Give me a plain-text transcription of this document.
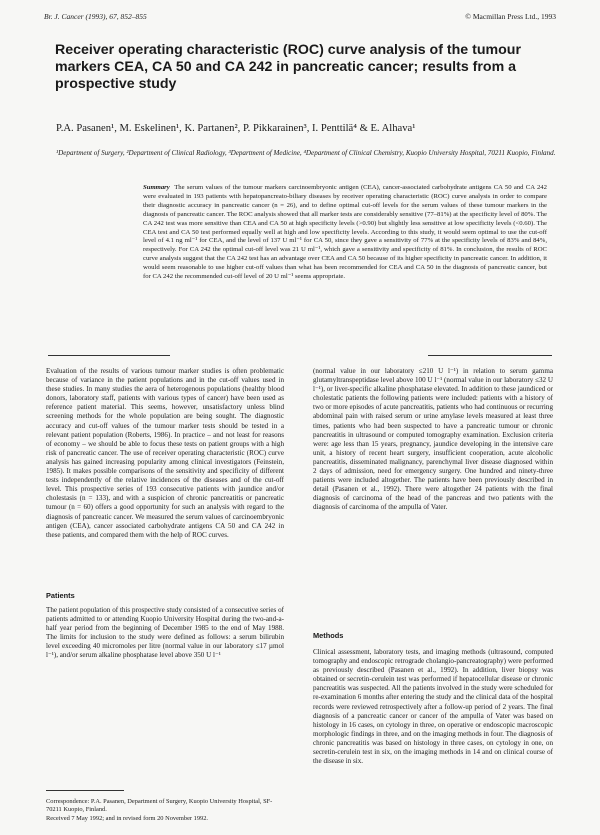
Br. J. Cancer (1993), 67, 852–855	© Macmillan Press Ltd., 1993
Receiver operating characteristic (ROC) curve analysis of the tumour markers CEA, CA 50 and CA 242 in pancreatic cancer; results from a prospective study
P.A. Pasanen¹, M. Eskelinen¹, K. Partanen², P. Pikkarainen³, I. Penttilä⁴ & E. Alhava¹
¹Department of Surgery, ²Department of Clinical Radiology, ³Department of Medicine, ⁴Department of Clinical Chemistry, Kuopio University Hospital, 70211 Kuopio, Finland.
Summary The serum values of the tumour markers carcinoembryonic antigen (CEA), cancer-associated carbohydrate antigens CA 50 and CA 242 were evaluated in 193 patients with hepatopancreato-biliary diseases by receiver operating characteristic (ROC) curve analysis in order to compare their diagnostic accuracy in pancreatic cancer (n = 26), and to define optimal cut-off levels for the serum values of these tumour markers in the diagnosis of pancreatic cancer. The ROC analysis showed that all marker tests are considerably sensitive (77–81%) at the specificity level of 80%. The CA 242 test was more sensitive than CEA and CA 50 at high specificity levels (>0.90) but slightly less sensitive at low specificity levels (<0.60). The CEA test and CA 50 test performed equally well at high and low specificity levels. According to this study, it would seem optimal to use the cut-off level of 4.1 ng ml⁻¹ for CEA, and the level of 137 U ml⁻¹ for CA 50, since they gave a sensitivity of 77% at the specificity levels of 83% and 84%, respectively. For CA 242 the optimal cut-off level was 21 U ml⁻¹, which gave a sensitivity and specificity of 81%. In conclusion, the results of ROC curve analysis suggest that the CA 242 test has an advantage over CEA and CA 50 because of its higher specificity in pancreatic cancer. In addition, it would seem reasonable to use higher cut-off values than what has been recommended for CEA and CA 50 in the diagnosis of pancreatic cancer, but for CA 242 the recommended cut-off level of 20 U ml⁻¹ seems appropriate.

Evaluation of the results of various tumour marker studies is often problematic because of variance in the patient populations and in the cut-off values used in these studies. In many studies the aera of heterogenous populations (healthy blood donors, laboratory staff, patients with various types of cancer) have been used as reference patient material. This seems, however, unsatisfactory unless blind screening methods for the whole population are being sought. The diagnostic accuracy and cut-off values of the tumour marker tests should be tested in a relevant patient population (Roberts, 1986). In practice – and not least for reasons of economy – we should be able to focus these tests on patient groups with a high risk of pancreatic cancer. The use of receiver operating characteristic (ROC) curve analysis has gained increasing popularity among clinical investigators (Feinstein, 1985). It makes possible comparisons of the sensitivity and specificity of different tests independently of the relative incidences of the diseases and of the cut-off level. This prospective series of 193 consecutive patients with jaundice and/or cholestasis (n = 133), and with a suspicion of chronic pancreatitis or pancreatic tumour (n = 60) offers a good opportunity for such an analysis with regard to the diagnosis of pancreatic cancer. We measured the serum values of carcinoembryonic antigen (CEA), cancer associated carbohydrate antigens CA 50 and CA 242 in these patients, and compared them with the help of ROC curves.

Patients

The patient population of this prospective study consisted of a consecutive series of patients admitted to or attending Kuopio University Hospital during the two-and-a-half year period from the beginning of December 1985 to the end of May 1988. The limits for inclusion to the study were defined as follows: a serum bilirubin level exceeding 40 micromoles per litre (normal value in our laboratory ≤17 µmol l⁻¹), and/or serum alkaline phosphatase level above 350 U l⁻¹

Correspondence: P.A. Pasanen, Department of Surgery, Kuopio University Hospital, SF-70211 Kuopio, Finland.

Received 7 May 1992; and in revised form 20 November 1992.

(normal value in our laboratory ≤210 U l⁻¹) in relation to serum gamma glutamyltranspeptidase level above 100 U l⁻¹ (normal value in our laboratory ≤32 U l⁻¹), or liver-specific alkaline phosphatase elevated. In addition to these jaundiced or cholestatic patients the following patients were included: patients with a history of two or more episodes of acute pancreatitis, patients who had continuous or recurring abdominal pain with raised serum or urine amylase levels measured at least three times, patients who had been suspected to have a pancreatic tumour or chronic pancreatitis in ultrasound or computed tomography examination. Exclusion criteria were: age less than 15 years, pregnancy, jaundice developing in the intensive care unit, a history of recent heart surgery, insufficient cooperation, acute alcoholic pancreatitis, disseminated malignancy, parenchymal liver disease diagnosed within 2 days of admission, need for emergency surgery. One hundred and ninety-three patients were included altogether. The patients have been previously described in detail (Pasanen et al., 1992). There were altogether 24 patients with the final diagnosis of carcinoma of the head of the pancreas and two patients with the diagnosis of carcinoma of the ampulla of Vater.

Methods

Clinical assessment, laboratory tests, and imaging methods (ultrasound, computed tomography and endoscopic retrograde cholangio-pancreatography) were performed as previously described (Pasanen et al., 1992). In addition, liver biopsy was obtained or secretin-cerulein test was performed if hepatocellular disease or chronic pancreatitis was suspected. All the patients involved in the study were scheduled for re-examination 6 months after entering the study and the clinical data of the hospital records were reviewed retrospectively after a follow-up period of 2 years. The final diagnosis of a pancreatic cancer or cancer of the ampulla of Vater was based on histology in 16 cases, on cytology in three, on operative or endoscopic macroscopic morphologic findings in three, and on the imaging methods in four. The diagnosis of chronic pancreatitis was based on histology in three cases, on cytology in one, on secretin-cerulein test in six, on the imaging methods in 14 and on clinical course of the disease in six.
